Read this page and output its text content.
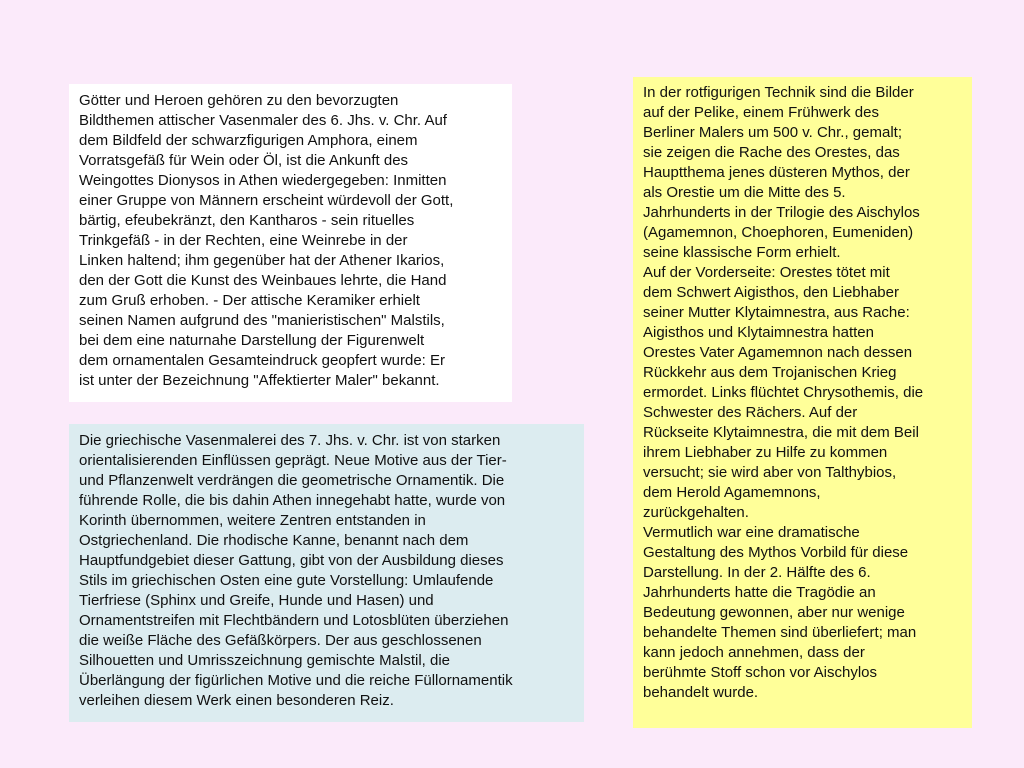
Götter und Heroen gehören zu den bevorzugten
Bildthemen attischer Vasenmaler des 6. Jhs. v. Chr. Auf
dem Bildfeld der schwarzfigurigen Amphora, einem
Vorratsgefäß für Wein oder Öl, ist die Ankunft des
Weingottes Dionysos in Athen wiedergegeben: Inmitten
einer Gruppe von Männern erscheint würdevoll der Gott,
bärtig, efeubekränzt, den Kantharos - sein rituelles
Trinkgefäß - in der Rechten, eine Weinrebe in der
Linken haltend; ihm gegenüber hat der Athener Ikarios,
den der Gott die Kunst des Weinbaues lehrte, die Hand
zum Gruß erhoben. - Der attische Keramiker erhielt
seinen Namen aufgrund des "manieristischen" Malstils,
bei dem eine naturnahe Darstellung der Figurenwelt
dem ornamentalen Gesamteindruck geopfert wurde: Er
ist unter der Bezeichnung "Affektierter Maler" bekannt.
Die griechische Vasenmalerei des 7. Jhs. v. Chr. ist von starken
orientalisierenden Einflüssen geprägt. Neue Motive aus der Tier-
und Pflanzenwelt verdrängen die geometrische Ornamentik. Die
führende Rolle, die bis dahin Athen innegehabt hatte, wurde von
Korinth übernommen, weitere Zentren entstanden in
Ostgriechenland. Die rhodische Kanne, benannt nach dem
Hauptfundgebiet dieser Gattung, gibt von der Ausbildung dieses
Stils im griechischen Osten eine gute Vorstellung: Umlaufende
Tierfriese (Sphinx und Greife, Hunde und Hasen) und
Ornamentstreifen mit Flechtbändern und Lotosblüten überziehen
die weiße Fläche des Gefäßkörpers. Der aus geschlossenen
Silhouetten und Umrisszeichnung gemischte Malstil, die
Überlängung der figürlichen Motive und die reiche Füllornamentik
verleihen diesem Werk einen besonderen Reiz.
In der rotfigurigen Technik sind die Bilder
auf der Pelike, einem Frühwerk des
Berliner Malers um 500 v. Chr., gemalt;
sie zeigen die Rache des Orestes, das
Hauptthema jenes düsteren Mythos, der
als Orestie um die Mitte des 5.
Jahrhunderts in der Trilogie des Aischylos
(Agamemnon, Choephoren, Eumeniden)
seine klassische Form erhielt.
Auf der Vorderseite: Orestes tötet mit
dem Schwert Aigisthos, den Liebhaber
seiner Mutter Klytaimnestra, aus Rache:
Aigisthos und Klytaimnestra hatten
Orestes Vater Agamemnon nach dessen
Rückkehr aus dem Trojanischen Krieg
ermordet. Links flüchtet Chrysothemis, die
Schwester des Rächers. Auf der
Rückseite Klytaimnestra, die mit dem Beil
ihrem Liebhaber zu Hilfe zu kommen
versucht; sie wird aber von Talthybios,
dem Herold Agamemnons,
zurückgehalten.
Vermutlich war eine dramatische
Gestaltung des Mythos Vorbild für diese
Darstellung. In der 2. Hälfte des 6.
Jahrhunderts hatte die Tragödie an
Bedeutung gewonnen, aber nur wenige
behandelte Themen sind überliefert; man
kann jedoch annehmen, dass der
berühmte Stoff schon vor Aischylos
behandelt wurde.
